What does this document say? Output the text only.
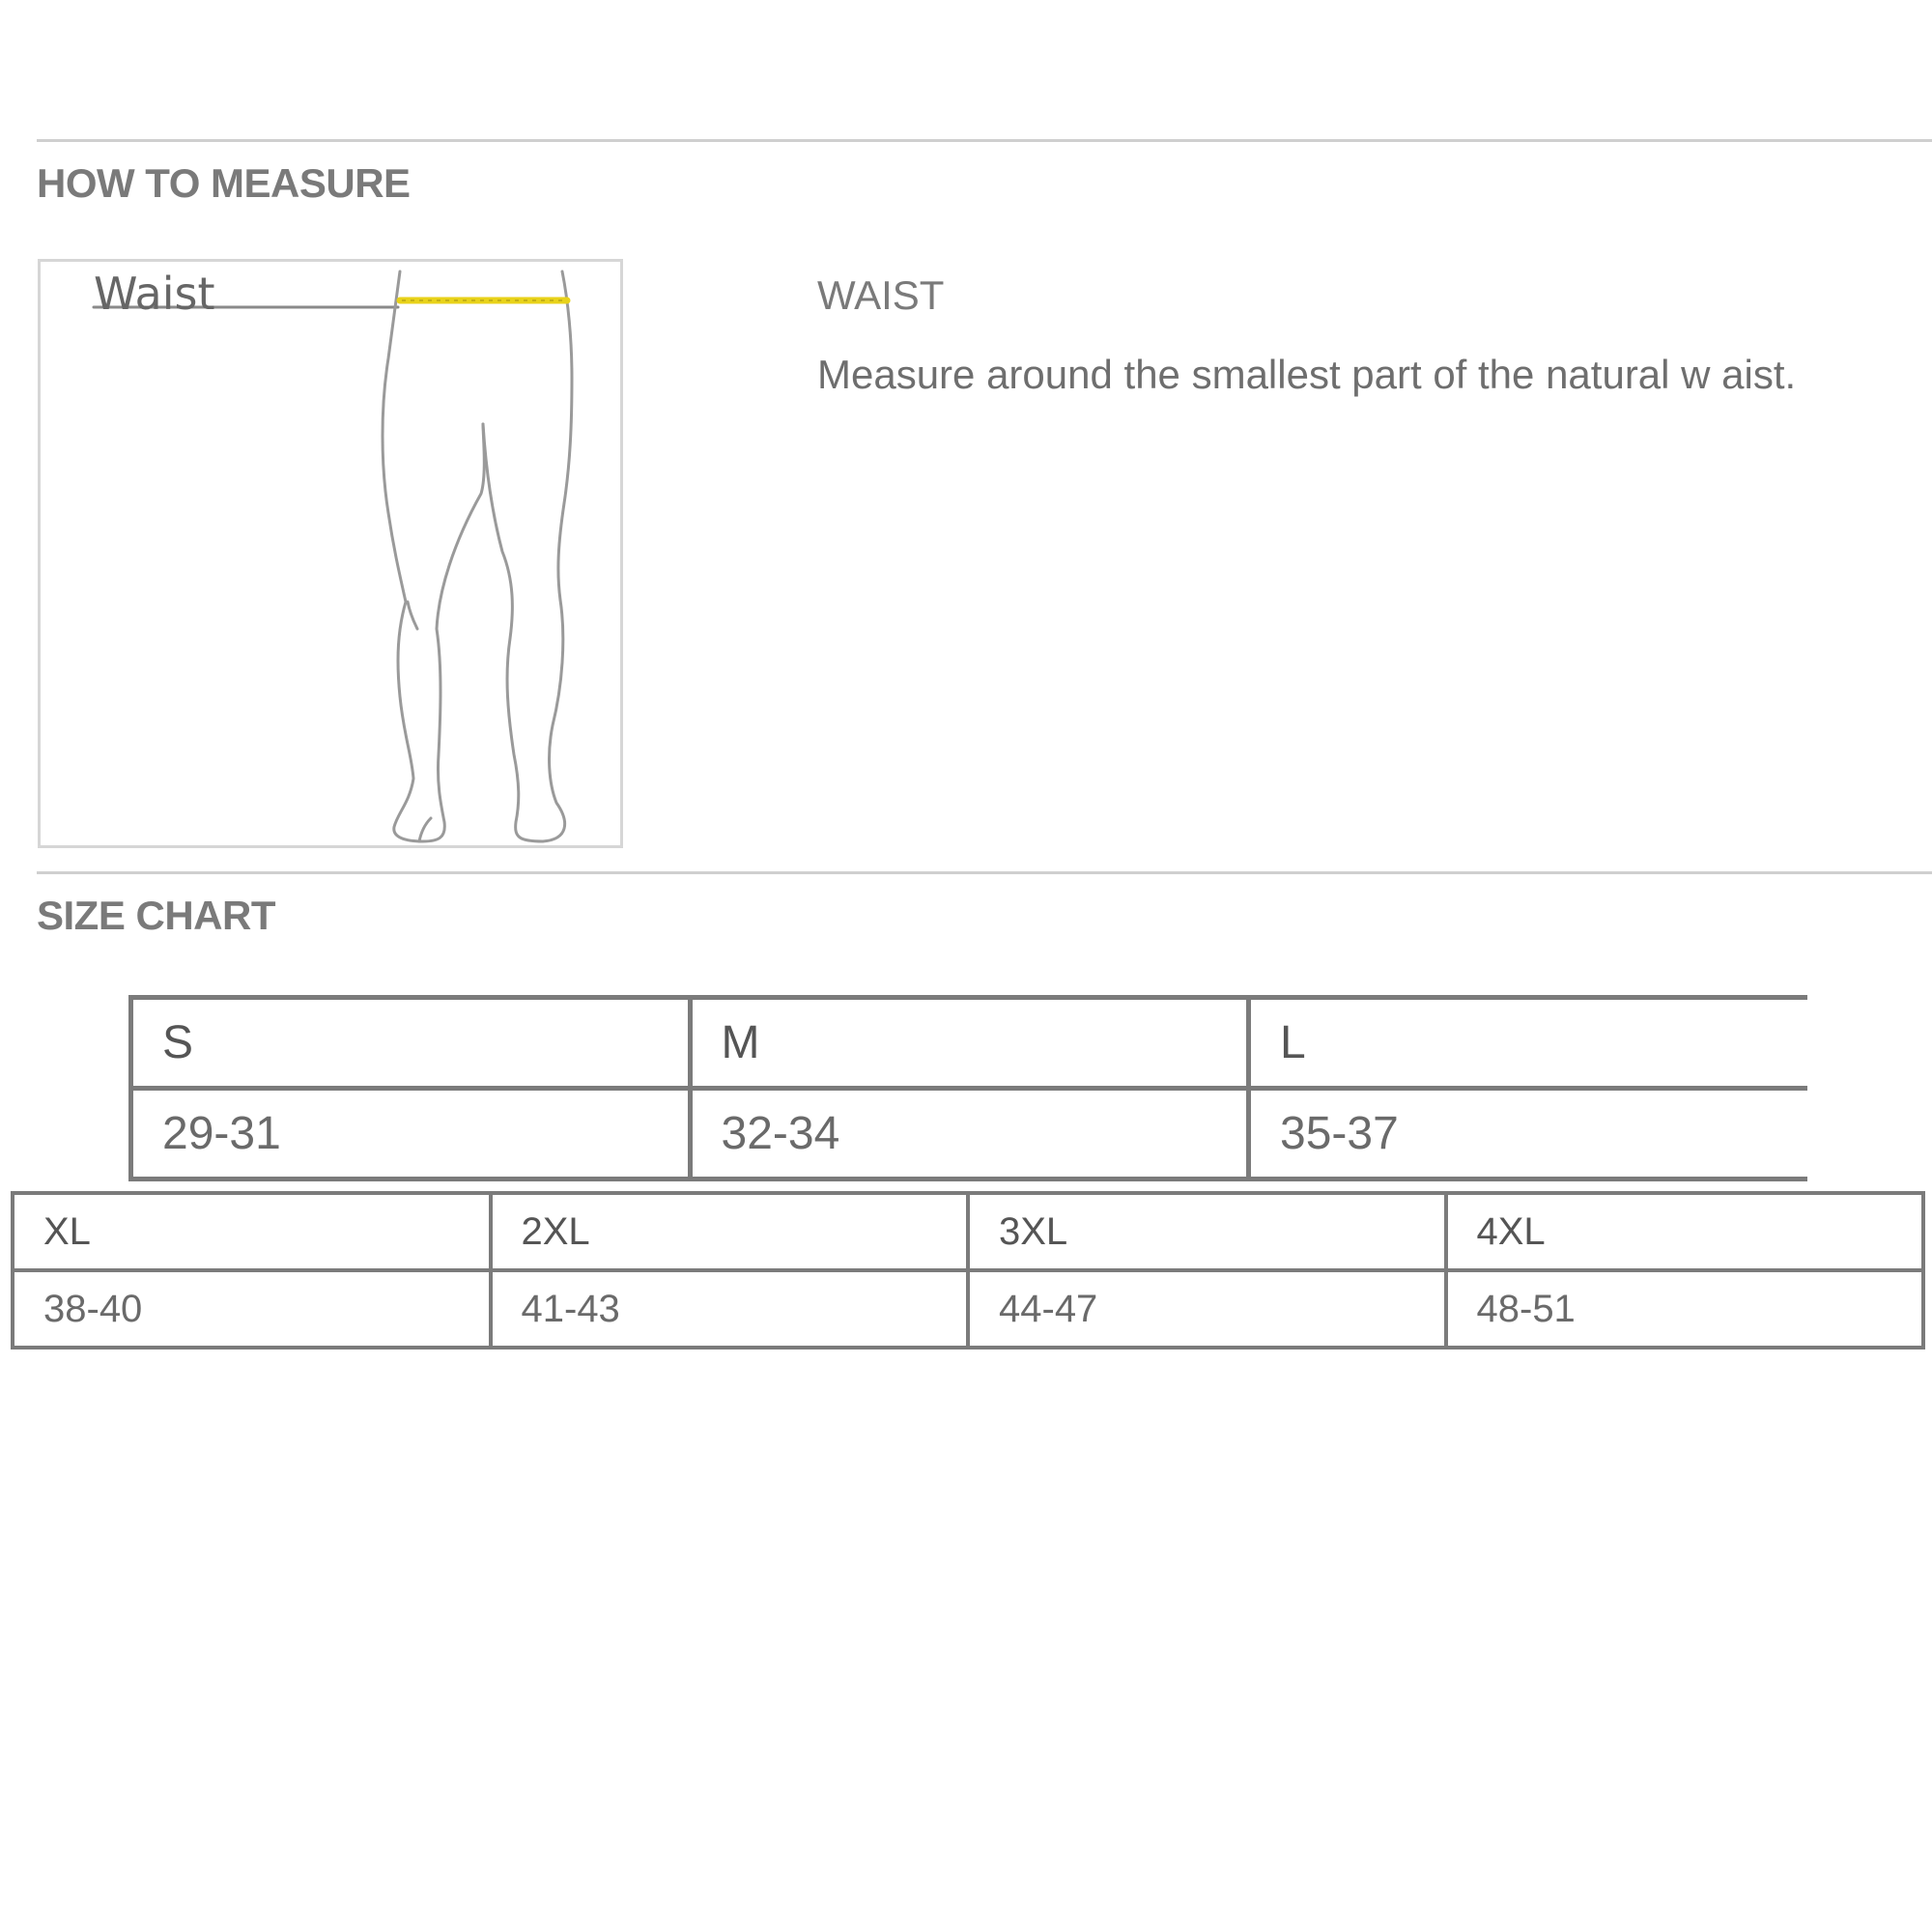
HOW TO MEASURE
Waist	WAIST
Measure around the smallest part of the natural w aist.
SIZE CHART
S	M	L
29-31	32-34	35-37
XL	2XL	3XL	4XL
38-40	41-43	44-47	48-51
